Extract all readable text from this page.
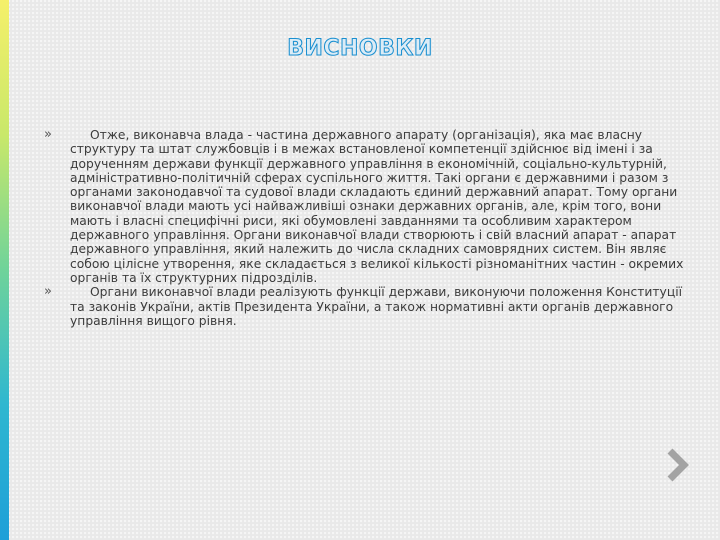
ВИСНОВКИ
»	Отже, виконавча влада - частина державного апарату (організація), яка має власну структуру та штат службовців і в межах встановленої компетенції здійснює від імені і за дорученням держави функції державного управління в економічній, соціально-культурній, адміністративно-політичній сферах суспільного життя. Такі органи є державними і разом з органами законодавчої та судової влади складають єдиний державний апарат. Тому органи виконавчої влади мають усі найважливіші ознаки державних органів, але, крім того, вони мають і власні специфічні риси, які обумовлені завданнями та особливим характером державного управління. Органи виконавчої влади створюють і свій власний апарат - апарат державного управління, який належить до числа складних самоврядних систем. Він являє собою цілісне утворення, яке складається з великої кількості різноманітних частин - окремих органів та їх структурних підрозділів.
»	Органи виконавчої влади реалізують функції держави, виконуючи положення Конституції та законів України, актів Президента України, а також нормативні акти органів державного управління вищого рівня.
